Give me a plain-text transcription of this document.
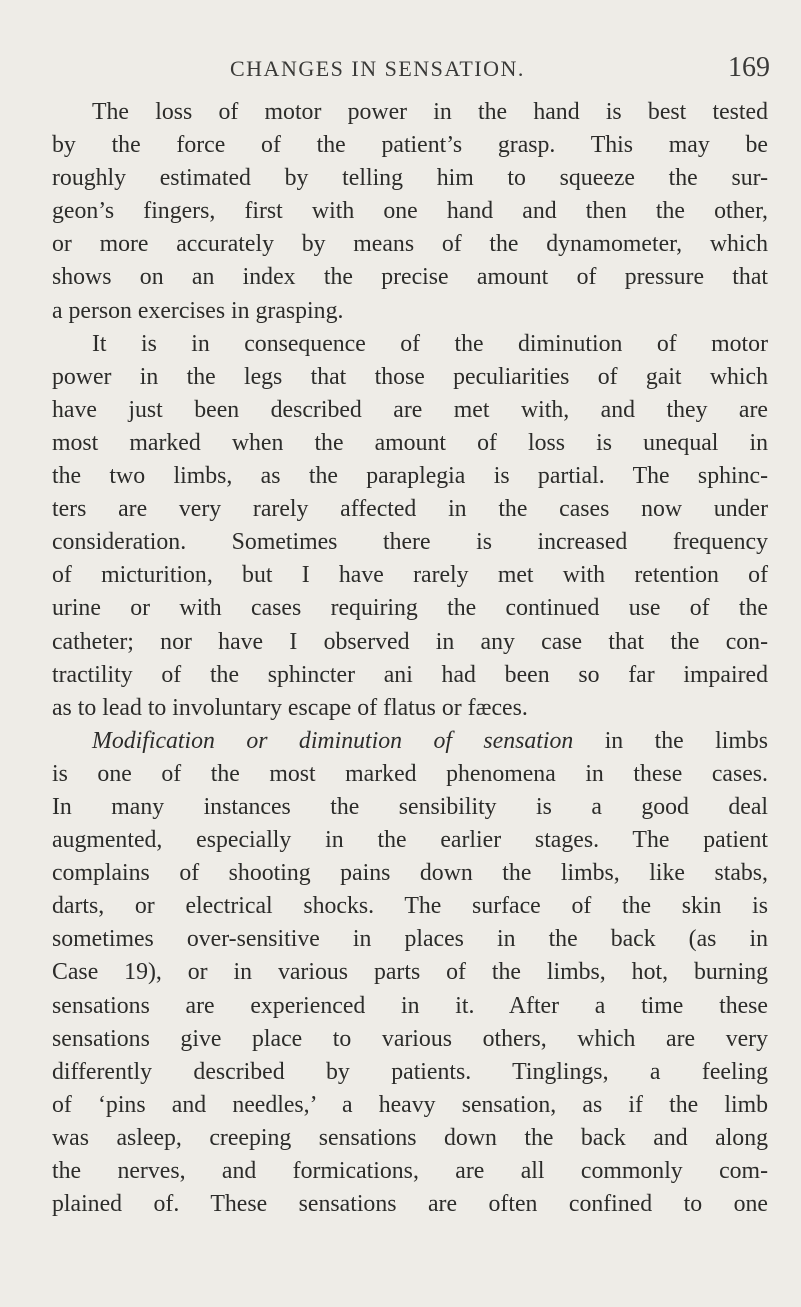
CHANGES IN SENSATION.	169
The loss of motor power in the hand is best tested
by the force of the patient’s grasp. This may be
roughly estimated by telling him to squeeze the sur-
geon’s fingers, first with one hand and then the other,
or more accurately by means of the dynamometer, which
shows on an index the precise amount of pressure that
a person exercises in grasping.
It is in consequence of the diminution of motor
power in the legs that those peculiarities of gait which
have just been described are met with, and they are
most marked when the amount of loss is unequal in
the two limbs, as the paraplegia is partial. The sphinc-
ters are very rarely affected in the cases now under
consideration. Sometimes there is increased frequency
of micturition, but I have rarely met with retention of
urine or with cases requiring the continued use of the
catheter; nor have I observed in any case that the con-
tractility of the sphincter ani had been so far impaired
as to lead to involuntary escape of flatus or fæces.
Modification or diminution of sensation in the limbs
is one of the most marked phenomena in these cases.
In many instances the sensibility is a good deal
augmented, especially in the earlier stages. The patient
complains of shooting pains down the limbs, like stabs,
darts, or electrical shocks. The surface of the skin is
sometimes over-sensitive in places in the back (as in
Case 19), or in various parts of the limbs, hot, burning
sensations are experienced in it. After a time these
sensations give place to various others, which are very
differently described by patients. Tinglings, a feeling
of ‘pins and needles,’ a heavy sensation, as if the limb
was asleep, creeping sensations down the back and along
the nerves, and formications, are all commonly com-
plained of. These sensations are often confined to one
